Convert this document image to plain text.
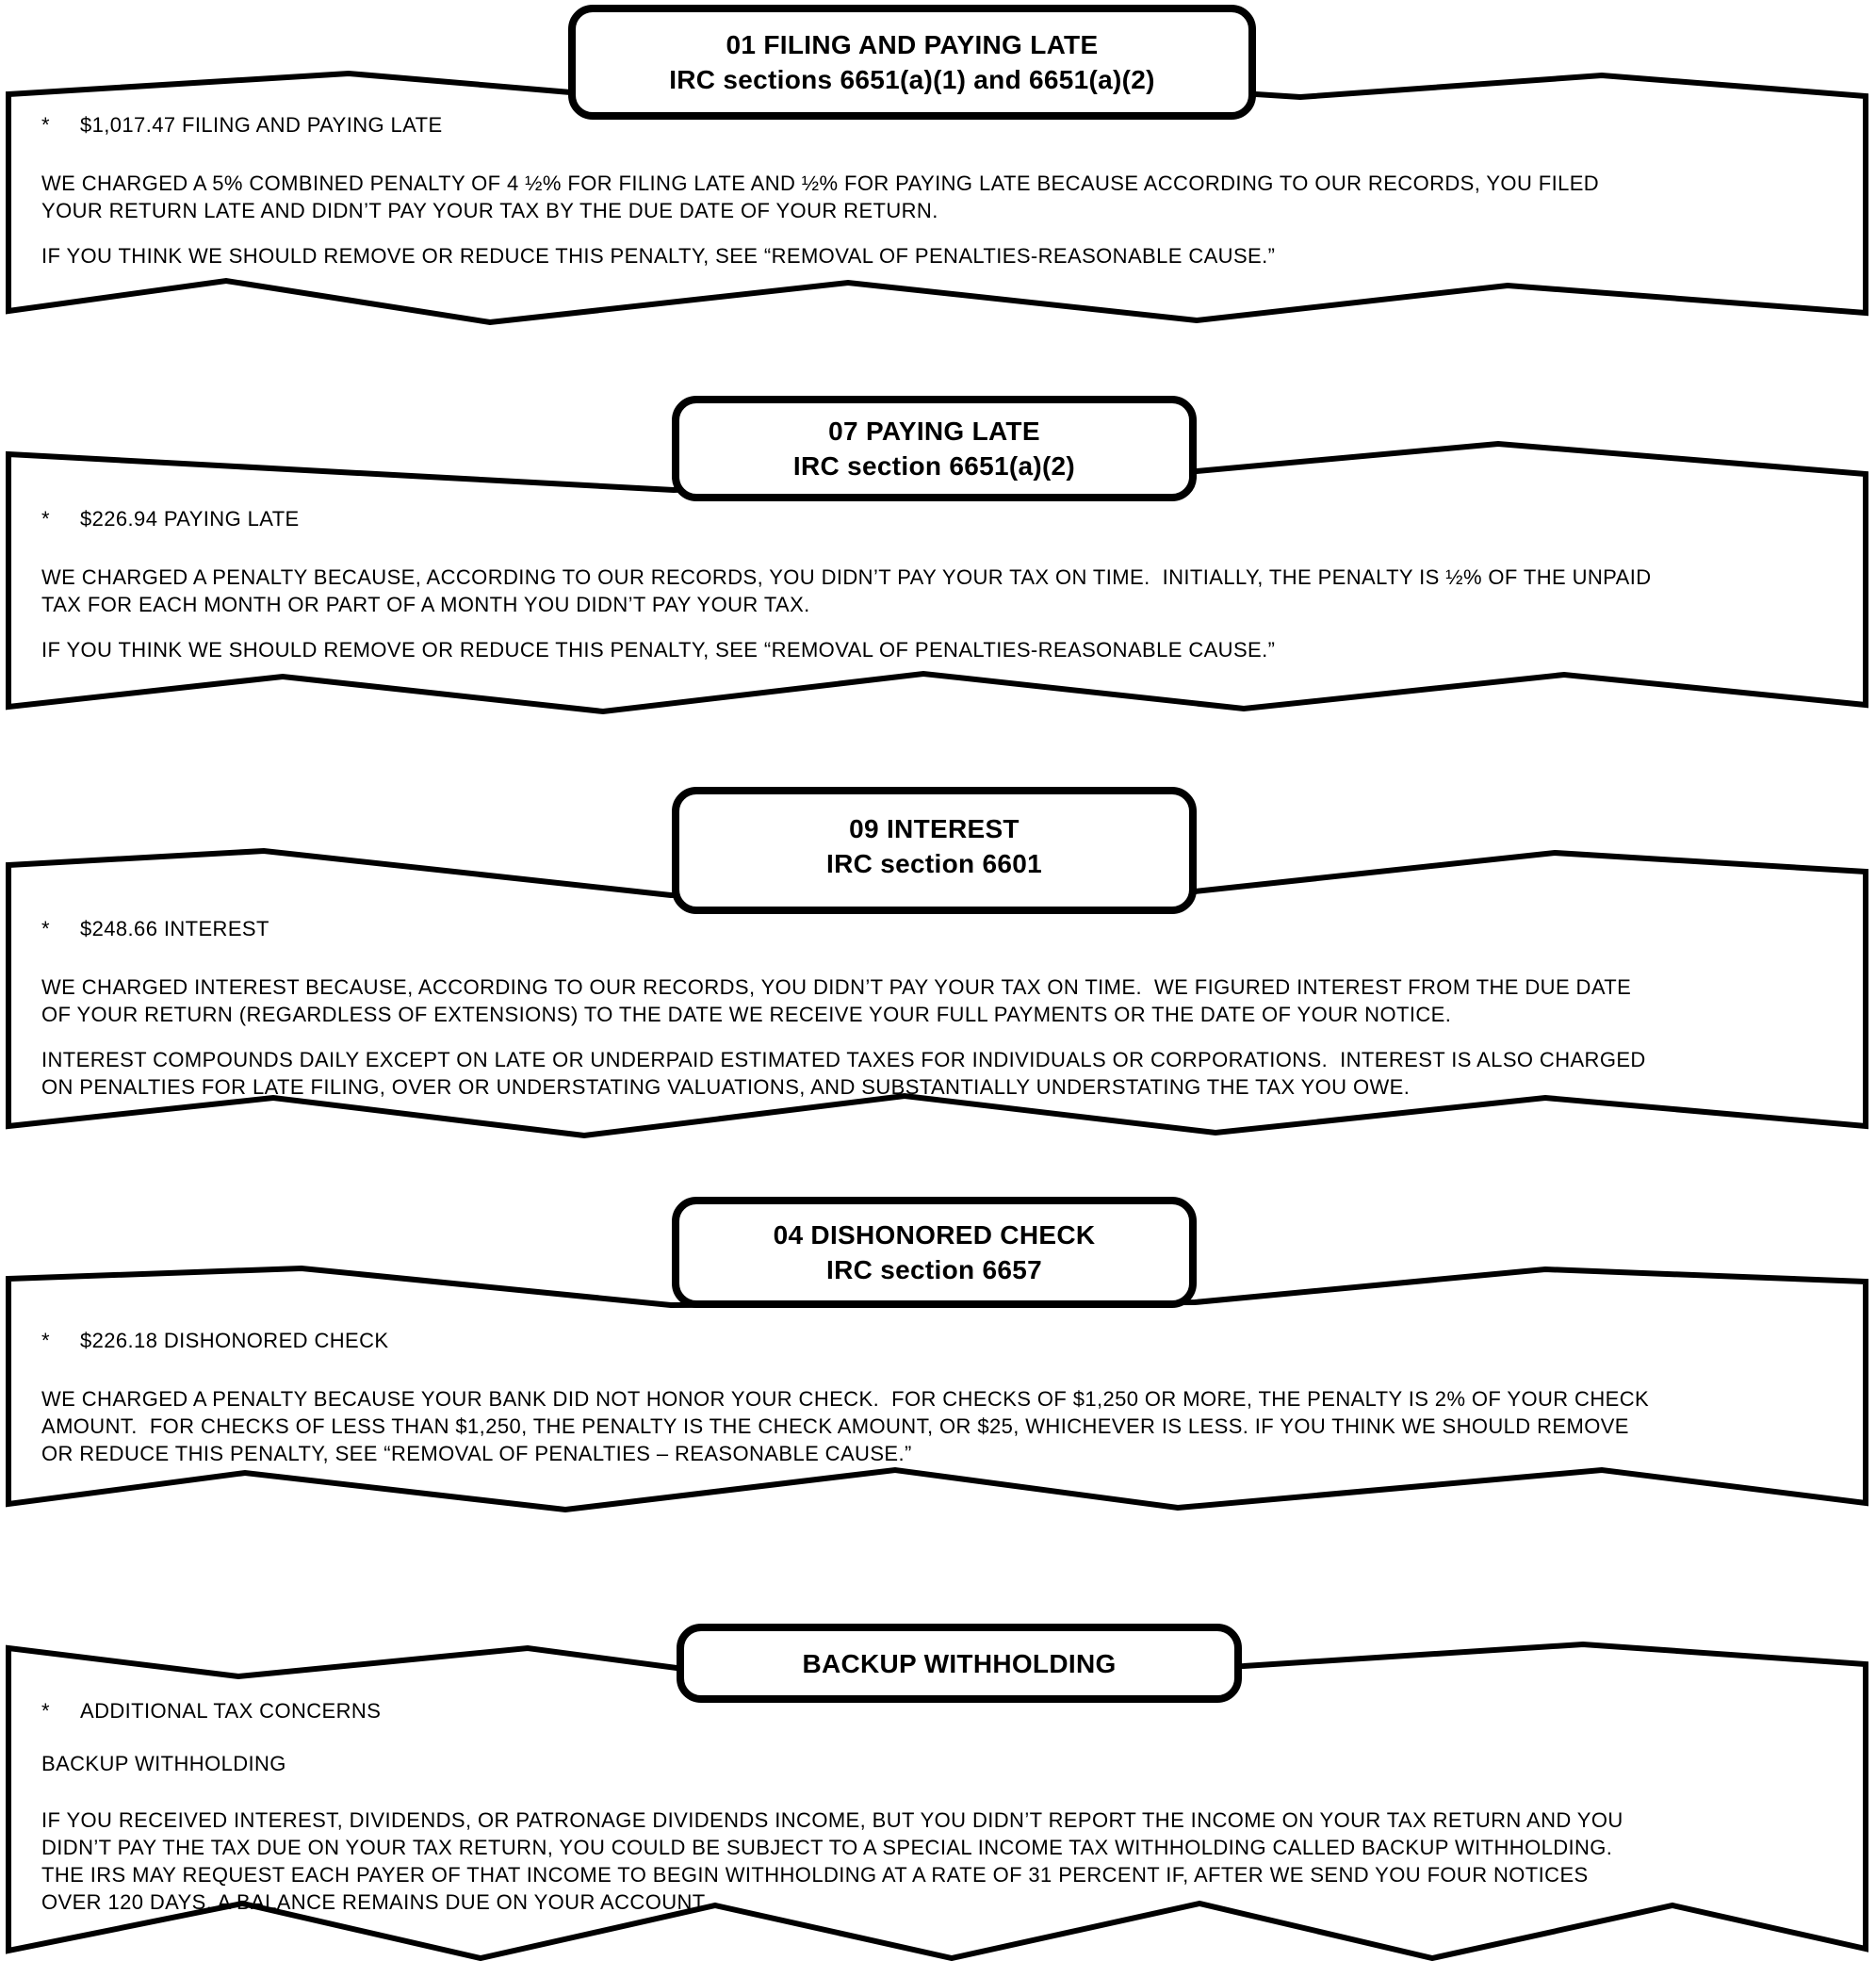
01 FILING AND PAYING LATE
IRC sections 6651(a)(1) and 6651(a)(2)
* $1,017.47 FILING AND PAYING LATE

WE CHARGED A 5% COMBINED PENALTY OF 4 ½% FOR FILING LATE AND ½% FOR PAYING LATE BECAUSE ACCORDING TO OUR RECORDS, YOU FILED
YOUR RETURN LATE AND DIDN’T PAY YOUR TAX BY THE DUE DATE OF YOUR RETURN.

IF YOU THINK WE SHOULD REMOVE OR REDUCE THIS PENALTY, SEE “REMOVAL OF PENALTIES-REASONABLE CAUSE.”

07 PAYING LATE
IRC section 6651(a)(2)
* $226.94 PAYING LATE

WE CHARGED A PENALTY BECAUSE, ACCORDING TO OUR RECORDS, YOU DIDN’T PAY YOUR TAX ON TIME.  INITIALLY, THE PENALTY IS ½% OF THE UNPAID
TAX FOR EACH MONTH OR PART OF A MONTH YOU DIDN’T PAY YOUR TAX.

IF YOU THINK WE SHOULD REMOVE OR REDUCE THIS PENALTY, SEE “REMOVAL OF PENALTIES-REASONABLE CAUSE.”

09 INTEREST
IRC section 6601
* $248.66 INTEREST

WE CHARGED INTEREST BECAUSE, ACCORDING TO OUR RECORDS, YOU DIDN’T PAY YOUR TAX ON TIME.  WE FIGURED INTEREST FROM THE DUE DATE
OF YOUR RETURN (REGARDLESS OF EXTENSIONS) TO THE DATE WE RECEIVE YOUR FULL PAYMENTS OR THE DATE OF YOUR NOTICE.

INTEREST COMPOUNDS DAILY EXCEPT ON LATE OR UNDERPAID ESTIMATED TAXES FOR INDIVIDUALS OR CORPORATIONS.  INTEREST IS ALSO CHARGED
ON PENALTIES FOR LATE FILING, OVER OR UNDERSTATING VALUATIONS, AND SUBSTANTIALLY UNDERSTATING THE TAX YOU OWE.

04 DISHONORED CHECK
IRC section 6657
* $226.18 DISHONORED CHECK

WE CHARGED A PENALTY BECAUSE YOUR BANK DID NOT HONOR YOUR CHECK.  FOR CHECKS OF $1,250 OR MORE, THE PENALTY IS 2% OF YOUR CHECK
AMOUNT.  FOR CHECKS OF LESS THAN $1,250, THE PENALTY IS THE CHECK AMOUNT, OR $25, WHICHEVER IS LESS. IF YOU THINK WE SHOULD REMOVE
OR REDUCE THIS PENALTY, SEE “REMOVAL OF PENALTIES – REASONABLE CAUSE.”

BACKUP WITHHOLDING
* ADDITIONAL TAX CONCERNS
BACKUP WITHHOLDING

IF YOU RECEIVED INTEREST, DIVIDENDS, OR PATRONAGE DIVIDENDS INCOME, BUT YOU DIDN’T REPORT THE INCOME ON YOUR TAX RETURN AND YOU
DIDN’T PAY THE TAX DUE ON YOUR TAX RETURN, YOU COULD BE SUBJECT TO A SPECIAL INCOME TAX WITHHOLDING CALLED BACKUP WITHHOLDING.
THE IRS MAY REQUEST EACH PAYER OF THAT INCOME TO BEGIN WITHHOLDING AT A RATE OF 31 PERCENT IF, AFTER WE SEND YOU FOUR NOTICES
OVER 120 DAYS, A BALANCE REMAINS DUE ON YOUR ACCOUNT.
